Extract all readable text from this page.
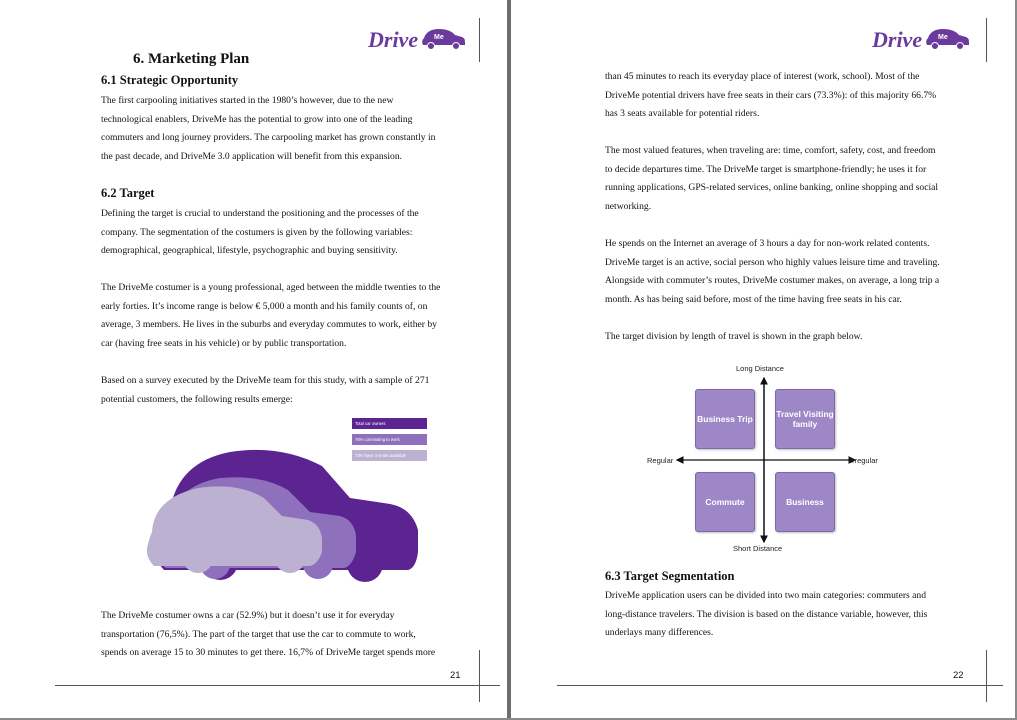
Drive Me
6. Marketing Plan
6.1 Strategic Opportunity
The first carpooling initiatives started in the 1980’s however, due to the new
technological enablers, DriveMe has the potential to grow into one of the leading
commuters and long journey providers. The carpooling market has grown constantly in
the past decade, and DriveMe 3.0 application will benefit from this expansion.
6.2 Target
Defining the target is crucial to understand the positioning and the processes of the
company. The segmentation of the costumers is given by the following variables:
demographical, geographical, lifestyle, psychographic and buying sensitivity.
The DriveMe costumer is a young professional, aged between the middle twenties to the
early forties. It’s income range is below € 5,000 a month and his family counts of, on
average, 3 members. He lives in the suburbs and everyday commutes to work, either by
car (having free seats in his vehicle) or by public transportation.
Based on a survey executed by the DriveMe team for this study, with a sample of 271
potential customers, the following results emerge:
Total car owners
76% commuting to work
73% have 3 seats available
The DriveMe costumer owns a car (52.9%) but it doesn’t use it for everyday
transportation (76,5%). The part of the target that use the car to commute to work,
spends on average 15 to 30 minutes to get there. 16,7% of DriveMe target spends more
21
Drive Me
than 45 minutes to reach its everyday place of interest (work, school). Most of the
DriveMe potential drivers have free seats in their cars (73.3%): of this majority 66.7%
has 3 seats available for potential riders.
The most valued features, when traveling are: time, comfort, safety, cost, and freedom
to decide departures time. The DriveMe target is smartphone-friendly; he uses it for
running applications, GPS-related services, online banking, online shopping and social
networking.
He spends on the Internet an average of 3 hours a day for non-work related contents.
DriveMe target is an active, social person who highly values leisure time and traveling.
Alongside with commuter’s routes, DriveMe costumer makes, on average, a long trip a
month. As has being said before, most of the time having free seats in his car.
The target division by length of travel is shown in the graph below.
Long Distance
Short Distance
Regular	Irregular
Business Trip	Travel Visiting family
Commute	Business
6.3 Target Segmentation
DriveMe application users can be divided into two main categories: commuters and
long-distance travelers. The division is based on the distance variable, however, this
underlays many differences.
22
